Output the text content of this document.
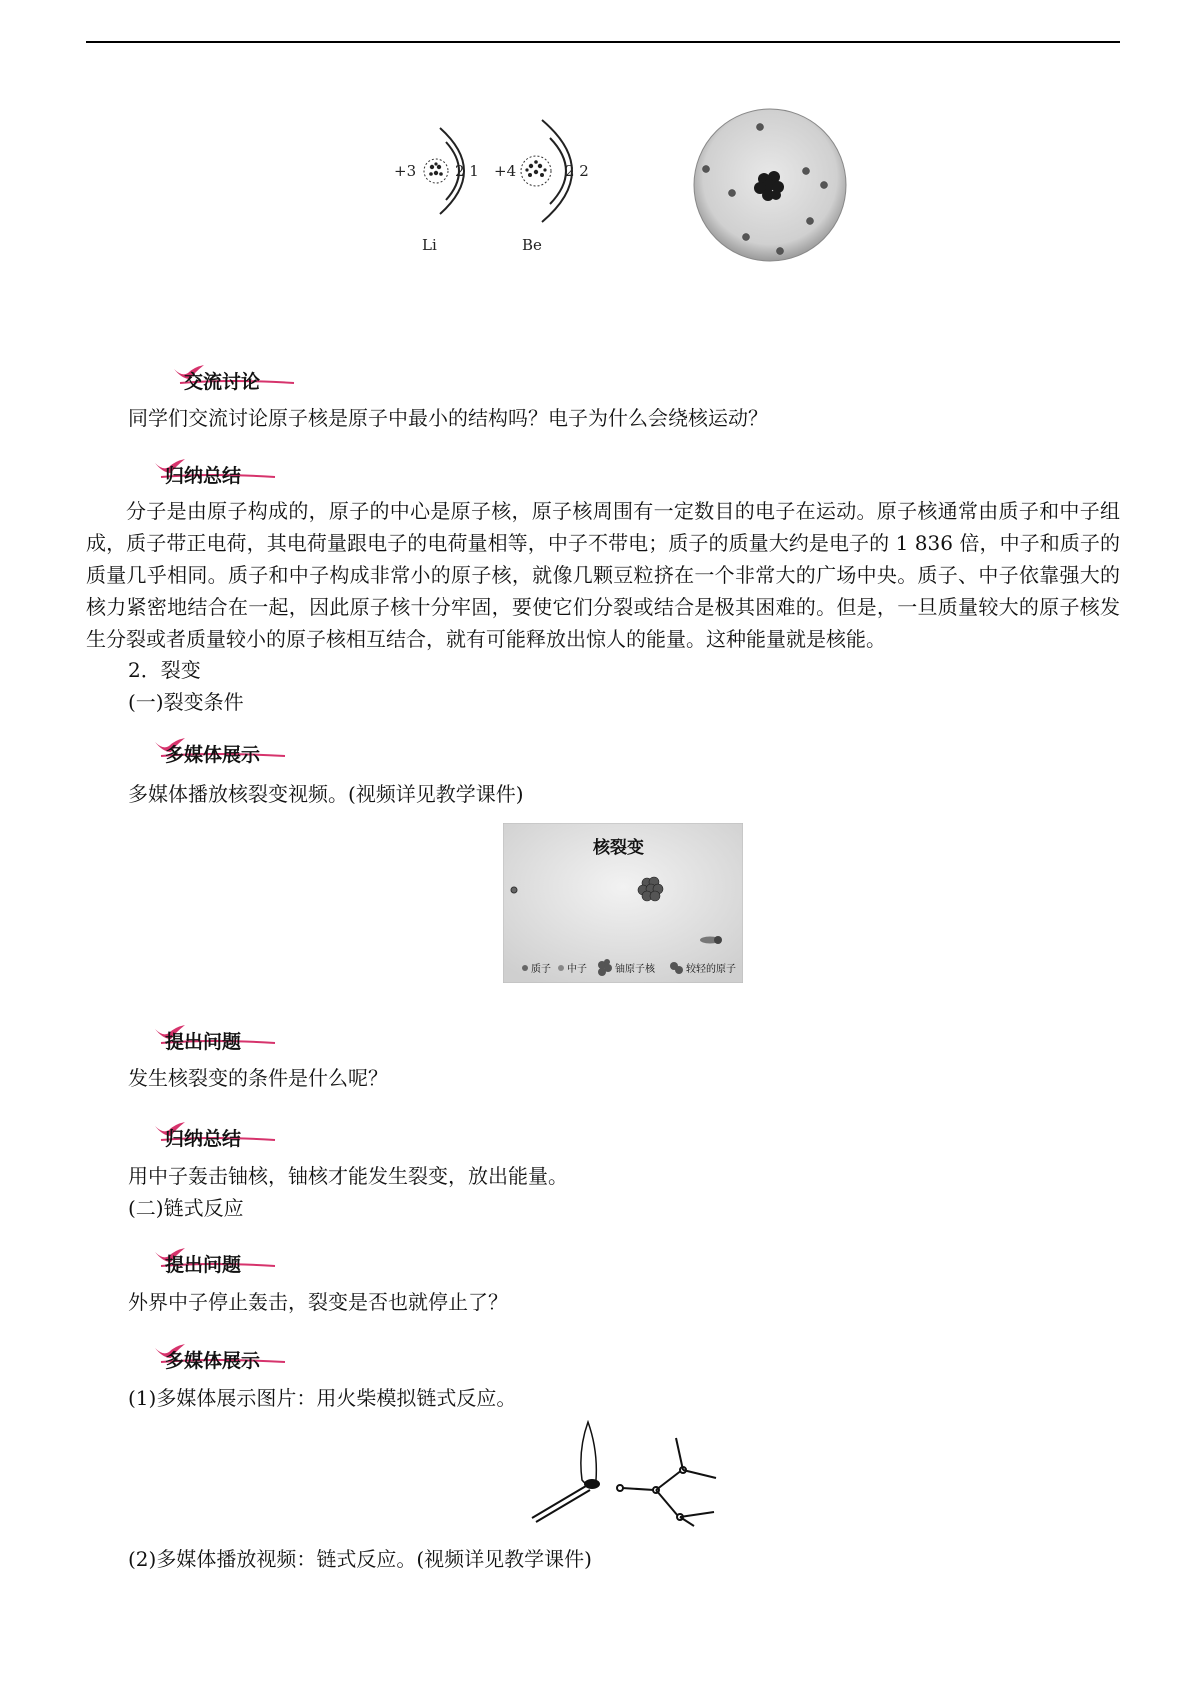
+3	2 1
Li
+4	2 2
Be
交流讨论

同学们交流讨论原子核是原子中最小的结构吗？电子为什么会绕核运动？

归纳总结

分子是由原子构成的，原子的中心是原子核，原子核周围有一定数目的电子在运动。原子核通常由质子和中子组成，质子带正电荷，其电荷量跟电子的电荷量相等，中子不带电；质子的质量大约是电子的 1 836 倍，中子和质子的质量几乎相同。质子和中子构成非常小的原子核，就像几颗豆粒挤在一个非常大的广场中央。质子、中子依靠强大的核力紧密地结合在一起，因此原子核十分牢固，要使它们分裂或结合是极其困难的。但是，一旦质量较大的原子核发生分裂或者质量较小的原子核相互结合，就有可能释放出惊人的能量。这种能量就是核能。

2．裂变

(一)裂变条件

多媒体展示

多媒体播放核裂变视频。(视频详见教学课件)

核裂变
质子 中子	铀原子核	较轻的原子
提出问题

发生核裂变的条件是什么呢？

归纳总结

用中子轰击铀核，铀核才能发生裂变，放出能量。

(二)链式反应

提出问题

外界中子停止轰击，裂变是否也就停止了？

多媒体展示

(1)多媒体展示图片：用火柴模拟链式反应。

(2)多媒体播放视频：链式反应。(视频详见教学课件)
